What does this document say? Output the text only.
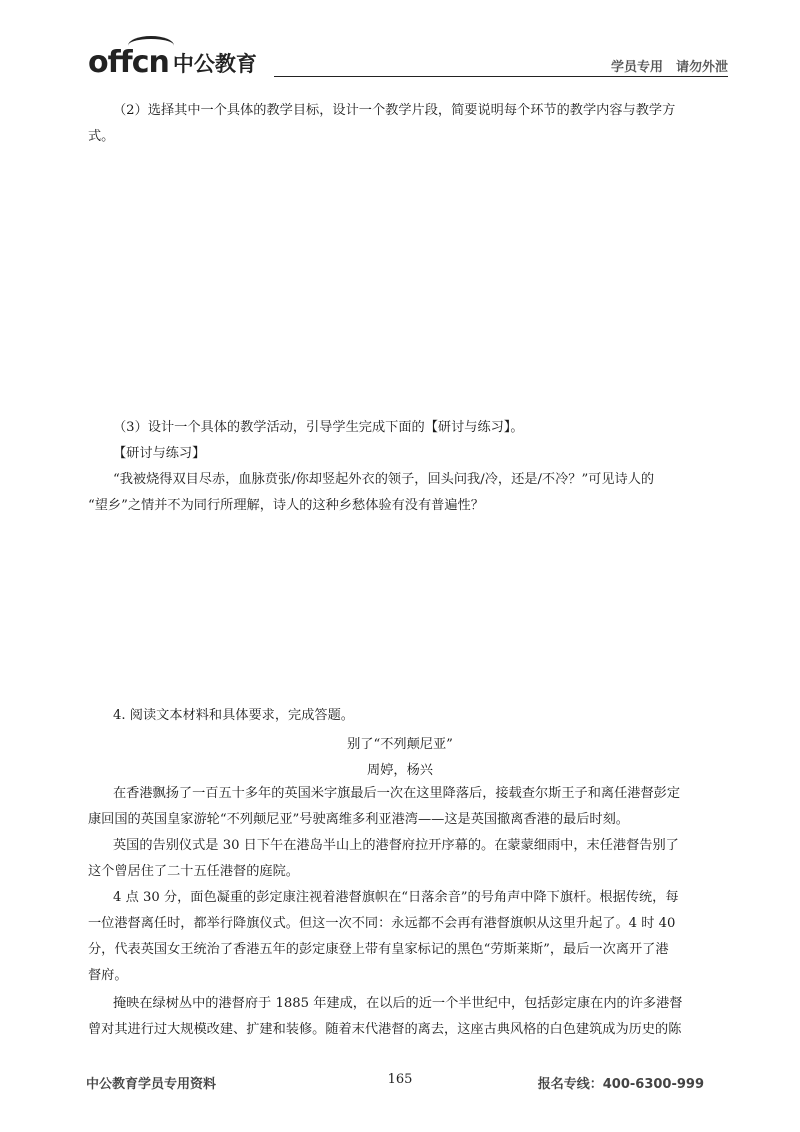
offcn 中公教育	学员专用　请勿外泄
（2）选择其中一个具体的教学目标，设计一个教学片段，简要说明每个环节的教学内容与教学方
式。
（3）设计一个具体的教学活动，引导学生完成下面的【研讨与练习】。
【研讨与练习】
“我被烧得双目尽赤，血脉贲张/你却竖起外衣的领子，回头问我/冷，还是/不冷？”可见诗人的
“望乡”之情并不为同行所理解，诗人的这种乡愁体验有没有普遍性？
4. 阅读文本材料和具体要求，完成答题。
别了“不列颠尼亚”
周婷，杨兴
在香港飘扬了一百五十多年的英国米字旗最后一次在这里降落后，接载查尔斯王子和离任港督彭定
康回国的英国皇家游轮“不列颠尼亚”号驶离维多利亚港湾——这是英国撤离香港的最后时刻。
英国的告别仪式是 30 日下午在港岛半山上的港督府拉开序幕的。在蒙蒙细雨中，末任港督告别了
这个曾居住了二十五任港督的庭院。
4 点 30 分，面色凝重的彭定康注视着港督旗帜在“日落余音”的号角声中降下旗杆。根据传统，每
一位港督离任时，都举行降旗仪式。但这一次不同：永远都不会再有港督旗帜从这里升起了。4 时 40
分，代表英国女王统治了香港五年的彭定康登上带有皇家标记的黑色“劳斯莱斯”，最后一次离开了港
督府。
掩映在绿树丛中的港督府于 1885 年建成，在以后的近一个半世纪中，包括彭定康在内的许多港督
曾对其进行过大规模改建、扩建和装修。随着末代港督的离去，这座古典风格的白色建筑成为历史的陈
中公教育学员专用资料	165	报名专线：400-6300-999
